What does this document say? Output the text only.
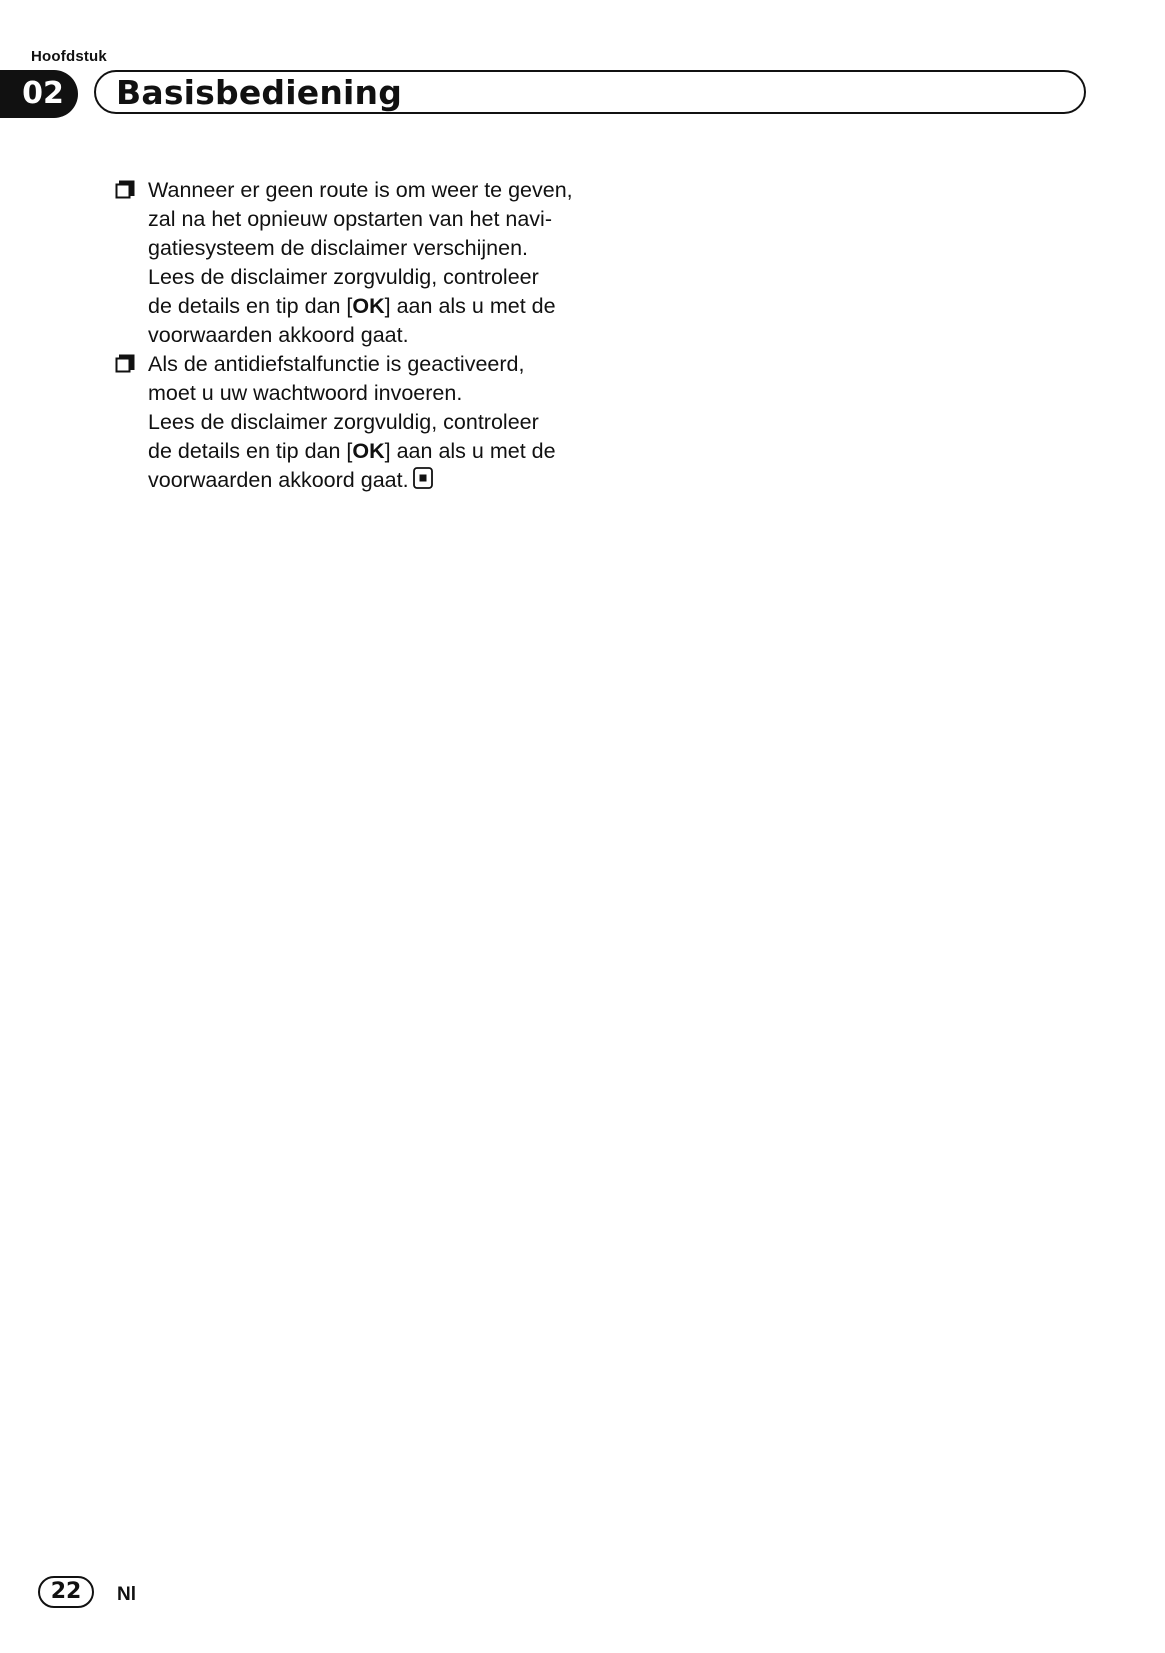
Hoofdstuk
02	Basisbediening
Wanneer er geen route is om weer te geven,
zal na het opnieuw opstarten van het navi-
gatiesysteem de disclaimer verschijnen.
Lees de disclaimer zorgvuldig, controleer
de details en tip dan [OK] aan als u met de
voorwaarden akkoord gaat.
Als de antidiefstalfunctie is geactiveerd,
moet u uw wachtwoord invoeren.
Lees de disclaimer zorgvuldig, controleer
de details en tip dan [OK] aan als u met de
voorwaarden akkoord gaat.
22	Nl
